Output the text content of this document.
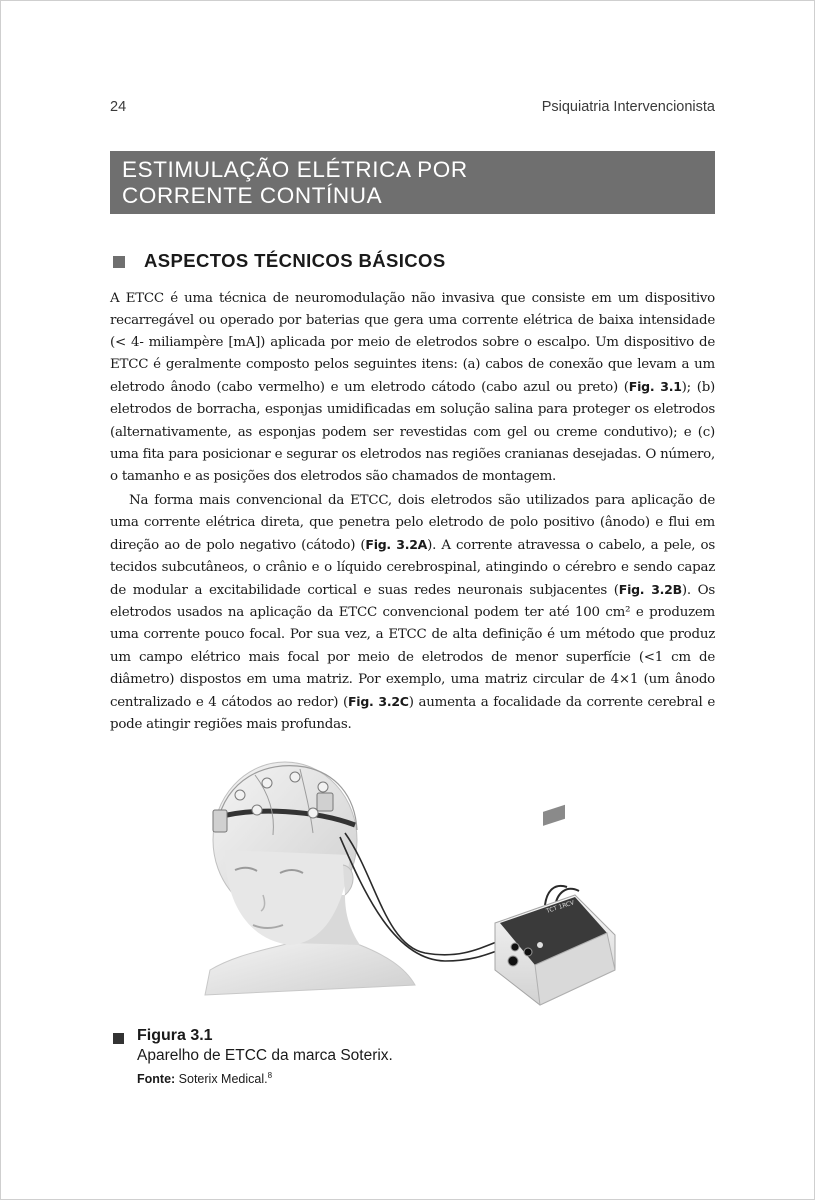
24	Psiquiatria Intervencionista
ESTIMULAÇÃO ELÉTRICA POR
CORRENTE CONTÍNUA
ASPECTOS TÉCNICOS BÁSICOS

A ETCC é uma técnica de neuromodulação não invasiva que consiste em um dispositivo recarregável ou operado por baterias que gera uma corrente elétrica de baixa intensidade (< 4- miliampère [mA]) aplicada por meio de eletrodos sobre o escalpo. Um dispositivo de ETCC é geralmente composto pelos seguintes itens: (a) cabos de conexão que levam a um eletrodo ânodo (cabo vermelho) e um eletrodo cátodo (cabo azul ou preto) (Fig. 3.1); (b) eletrodos de borracha, esponjas umidificadas em solução salina para proteger os eletrodos (alternativamente, as esponjas podem ser revestidas com gel ou creme condutivo); e (c) uma fita para posicionar e segurar os eletrodos nas regiões cranianas desejadas. O número, o tamanho e as posições dos eletrodos são chamados de montagem.

Na forma mais convencional da ETCC, dois eletrodos são utilizados para aplicação de uma corrente elétrica direta, que penetra pelo eletrodo de polo positivo (ânodo) e flui em direção ao de polo negativo (cátodo) (Fig. 3.2A). A corrente atravessa o cabelo, a pele, os tecidos subcutâneos, o crânio e o líquido cerebrospinal, atingindo o cérebro e sendo capaz de modular a excitabilidade cortical e suas redes neuronais subjacentes (Fig. 3.2B). Os eletrodos usados na aplicação da ETCC convencional podem ter até 100 cm² e produzem uma corrente pouco focal. Por sua vez, a ETCC de alta definição é um método que produz um campo elétrico mais focal por meio de eletrodos de menor superfície (<1 cm de diâmetro) dispostos em uma matriz. Por exemplo, uma matriz circular de 4×1 (um ânodo centralizado e 4 cátodos ao redor) (Fig. 3.2C) aumenta a focalidade da corrente cerebral e pode atingir regiões mais profundas.

TCT 1RCV
Figura 3.1
Aparelho de ETCC da marca Soterix.
Fonte: Soterix Medical.$^8$
